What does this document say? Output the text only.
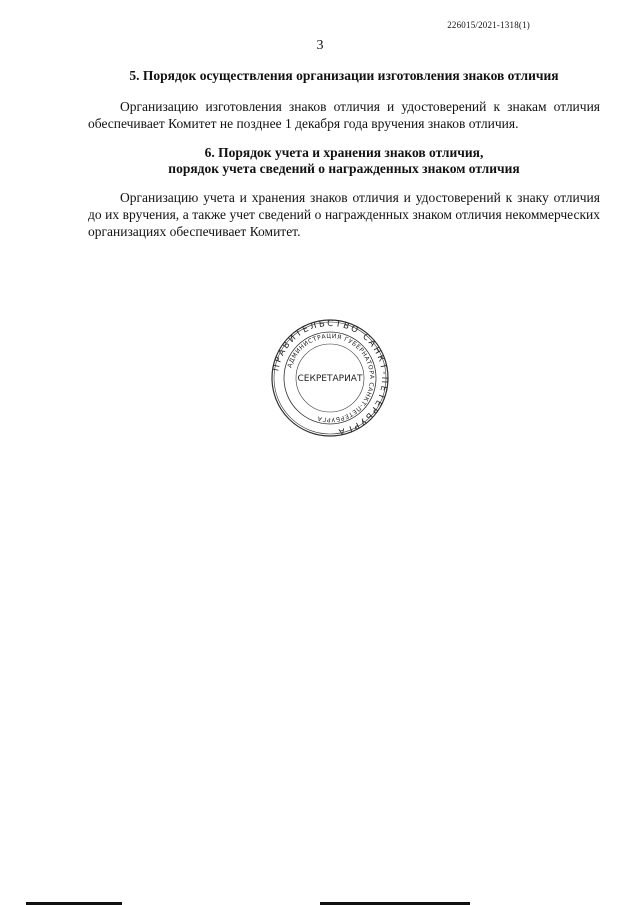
226015/2021-1318(1)
3

5. Порядок осуществления организации изготовления знаков отличия

Организацию изготовления знаков отличия и удостоверений к знакам отличия обеспечивает Комитет не позднее 1 декабря года вручения знаков отличия.

6. Порядок учета и хранения знаков отличия,
порядок учета сведений о награжденных знаком отличия

Организацию учета и хранения знаков отличия и удостоверений к знаку отличия до их вручения, а также учет сведений о награжденных знаком отличия некоммерческих организациях обеспечивает Комитет.

ПРАВИТЕЛЬСТВО САНКТ-ПЕТЕРБУРГА
АДМИНИСТРАЦИЯ ГУБЕРНАТОРА САНКТ-ПЕТЕРБУРГА
СЕКРЕТАРИАТ
